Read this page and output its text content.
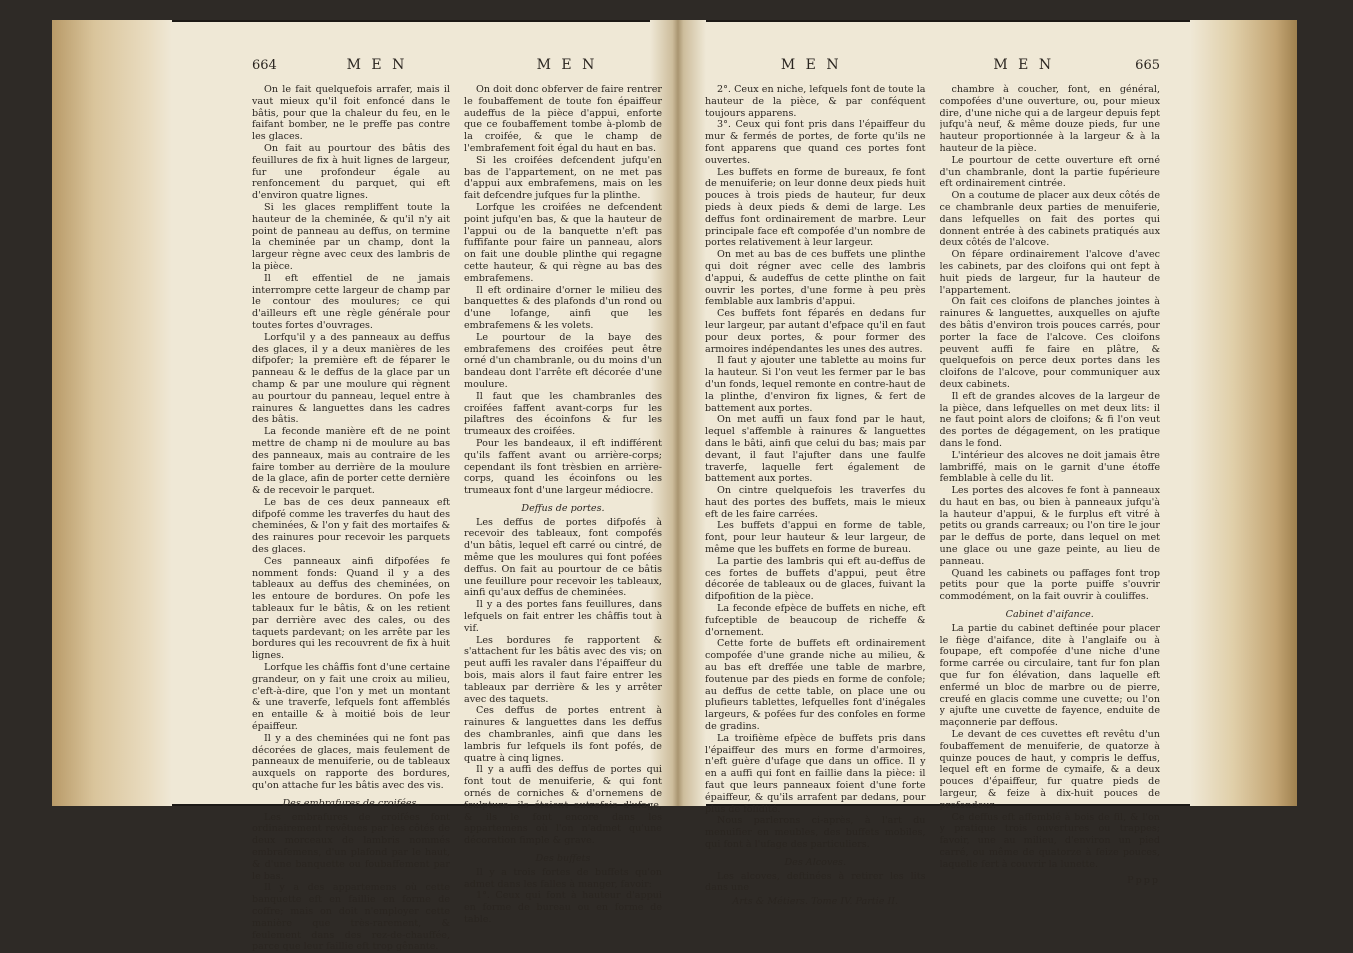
664	M E N	M E N

On le fait quelquefois arrafer, mais il vaut mieux qu'il foit enfoncé dans le bâtis, pour que la chaleur du feu, en le faifant bomber, ne le preffe pas contre les glaces.

On fait au pourtour des bâtis des feuillures de fix à huit lignes de largeur, fur une profondeur égale au renfoncement du parquet, qui eft d'environ quatre lignes.

Si les glaces rempliffent toute la hauteur de la cheminée, & qu'il n'y ait point de panneau au deffus, on termine la cheminée par un champ, dont la largeur règne avec ceux des lambris de la pièce.

Il eft effentiel de ne jamais interrompre cette largeur de champ par le contour des moulures; ce qui d'ailleurs eft une règle générale pour toutes fortes d'ouvrages.

Lorfqu'il y a des panneaux au deffus des glaces, il y a deux manières de les difpofer; la première eft de féparer le panneau & le deffus de la glace par un champ & par une moulure qui règnent au pourtour du panneau, lequel entre à rainures & languettes dans les cadres des bâtis.

La feconde manière eft de ne point mettre de champ ni de moulure au bas des panneaux, mais au contraire de les faire tomber au derrière de la moulure de la glace, afin de porter cette dernière & de recevoir le parquet.

Le bas de ces deux panneaux eft difpofé comme les traverfes du haut des cheminées, & l'on y fait des mortaifes & des rainures pour recevoir les parquets des glaces.

Ces panneaux ainfi difpofées fe nomment fonds: Quand il y a des tableaux au deffus des cheminées, on les entoure de bordures. On pofe les tableaux fur le bâtis, & on les retient par derrière avec des cales, ou des taquets pardevant; on les arrête par les bordures qui les recouvrent de fix à huit lignes.

Lorfque les châffis font d'une certaine grandeur, on y fait une croix au milieu, c'eft-à-dire, que l'on y met un montant & une traverfe, lefquels font affemblés en entaille & à moitié bois de leur épaiffeur.

Il y a des cheminées qui ne font pas décorées de glaces, mais feulement de panneaux de menuiferie, ou de tableaux auxquels on rapporte des bordures, qu'on attache fur les bâtis avec des vis.

Des embrafures de croifées.

Les embrafures de croifées font ordinairement revêtues par les côtés de deux morceaux de lambris nommés embrafemens, d'un plafond par le haut, & d'une banquette ou foubaffement par le bas.

Il y a des appartemens où cette banquette eft en faillie en forme de coffre; mais on doit n'employer cette manière que très-rarement, & feulement dans des rez-de-chauffée, parce que leur faillie eft trop gênante.

On doit donc obferver de faire rentrer le foubaffement de toute fon épaiffeur audeffus de la pièce d'appui, enforte que ce foubaffement tombe à-plomb de la croifée, & que le champ de l'embrafement foit égal du haut en bas.

Si les croifées defcendent jufqu'en bas de l'appartement, on ne met pas d'appui aux embrafemens, mais on les fait defcendre jufques fur la plinthe.

Lorfque les croifées ne defcendent point jufqu'en bas, & que la hauteur de l'appui ou de la banquette n'eft pas fuffifante pour faire un panneau, alors on fait une double plinthe qui regagne cette hauteur, & qui règne au bas des embrafemens.

Il eft ordinaire d'orner le milieu des banquettes & des plafonds d'un rond ou d'une lofange, ainfi que les embrafemens & les volets.

Le pourtour de la baye des embrafemens des croifées peut être orné d'un chambranle, ou du moins d'un bandeau dont l'arrête eft décorée d'une moulure.

Il faut que les chambranles des croifées faffent avant-corps fur les pilaftres des écoinfons & fur les trumeaux des croifées.

Pour les bandeaux, il eft indifférent qu'ils faffent avant ou arrière-corps; cependant ils font trèsbien en arrière-corps, quand les écoinfons ou les trumeaux font d'une largeur médiocre.

Deffus de portes.

Les deffus de portes difpofés à recevoir des tableaux, font compofés d'un bâtis, lequel eft carré ou cintré, de même que les moulures qui font pofées deffus. On fait au pourtour de ce bâtis une feuillure pour recevoir les tableaux, ainfi qu'aux deffus de cheminées.

Il y a des portes fans feuillures, dans lefquels on fait entrer les châffis tout à vif.

Les bordures fe rapportent & s'attachent fur les bâtis avec des vis; on peut auffi les ravaler dans l'épaiffeur du bois, mais alors il faut faire entrer les tableaux par derrière & les y arrêter avec des taquets.

Ces deffus de portes entrent à rainures & languettes dans les deffus des chambranles, ainfi que dans les lambris fur lefquels ils font pofés, de quatre à cinq lignes.

Il y a auffi des deffus de portes qui font tout de menuiferie, & qui font ornés de corniches & d'ornemens de fculpture: ils étoient autrefois d'ufage, & ils le font encore dans les appartemens où l'on n'admet qu'une décoration fimple & grave.

Des buffets

Il y a trois fortes de buffets qu'on admet dans les falles à manger, favoir:

1°. Ceux qui font à hauteur d'appui en forme de bureau ou en forme de table.

M E N	M E N	665

2°. Ceux en niche, lefquels font de toute la hauteur de la pièce, & par conféquent toujours apparens.

3°. Ceux qui font pris dans l'épaiffeur du mur & fermés de portes, de forte qu'ils ne font apparens que quand ces portes font ouvertes.

Les buffets en forme de bureaux, fe font de menuiferie; on leur donne deux pieds huit pouces à trois pieds de hauteur, fur deux pieds à deux pieds & demi de large. Les deffus font ordinairement de marbre. Leur principale face eft compofée d'un nombre de portes relativement à leur largeur.

On met au bas de ces buffets une plinthe qui doit régner avec celle des lambris d'appui, & audeffus de cette plinthe on fait ouvrir les portes, d'une forme à peu près femblable aux lambris d'appui.

Ces buffets font féparés en dedans fur leur largeur, par autant d'efpace qu'il en faut pour deux portes, & pour former des armoires indépendantes les unes des autres.

Il faut y ajouter une tablette au moins fur la hauteur. Si l'on veut les fermer par le bas d'un fonds, lequel remonte en contre-haut de la plinthe, d'environ fix lignes, & fert de battement aux portes.

On met auffi un faux fond par le haut, lequel s'affemble à rainures & languettes dans le bâti, ainfi que celui du bas; mais par devant, il faut l'ajufter dans une faulfe traverfe, laquelle fert également de battement aux portes.

On cintre quelquefois les traverfes du haut des portes des buffets, mais le mieux eft de les faire carrées.

Les buffets d'appui en forme de table, font, pour leur hauteur & leur largeur, de même que les buffets en forme de bureau.

La partie des lambris qui eft au-deffus de ces fortes de buffets d'appui, peut être décorée de tableaux ou de glaces, fuivant la difpofition de la pièce.

La feconde efpèce de buffets en niche, eft fufceptible de beaucoup de richeffe & d'ornement.

Cette forte de buffets eft ordinairement compofée d'une grande niche au milieu, & au bas eft dreffée une table de marbre, foutenue par des pieds en forme de confole; au deffus de cette table, on place une ou plufieurs tablettes, lefquelles font d'inégales largeurs, & pofées fur des confoles en forme de gradins.

La troifième efpèce de buffets pris dans l'épaiffeur des murs en forme d'armoires, n'eft guère d'ufage que dans un office. Il y en a auffi qui font en faillie dans la pièce: il faut que leurs panneaux foient d'une forte épaiffeur, & qu'ils arrafent par dedans, pour plus de folidité.

Nous parlerons ci-après, à l'art du menuifier en meubles, des buffets mobiles, qui font à l'ufage des particuliers.

Des Alcoves.

Les alcoves, deftinées à retirer les lits dans une

Arts & Métiers. Tome IV. Partie II.

chambre à coucher, font, en général, compofées d'une ouverture, ou, pour mieux dire, d'une niche qui a de largeur depuis fept jufqu'à neuf, & même douze pieds, fur une hauteur proportionnée à la largeur & à la hauteur de la pièce.

Le pourtour de cette ouverture eft orné d'un chambranle, dont la partie fupérieure eft ordinairement cintrée.

On a coutume de placer aux deux côtés de ce chambranle deux parties de menuiferie, dans lefquelles on fait des portes qui donnent entrée à des cabinets pratiqués aux deux côtés de l'alcove.

On fépare ordinairement l'alcove d'avec les cabinets, par des cloifons qui ont fept à huit pieds de largeur, fur la hauteur de l'appartement.

On fait ces cloifons de planches jointes à rainures & languettes, auxquelles on ajufte des bâtis d'environ trois pouces carrés, pour porter la face de l'alcove. Ces cloifons peuvent auffi fe faire en plâtre, & quelquefois on perce deux portes dans les cloifons de l'alcove, pour communiquer aux deux cabinets.

Il eft de grandes alcoves de la largeur de la pièce, dans lefquelles on met deux lits: il ne faut point alors de cloifons; & fi l'on veut des portes de dégagement, on les pratique dans le fond.

L'intérieur des alcoves ne doit jamais être lambriffé, mais on le garnit d'une étoffe femblable à celle du lit.

Les portes des alcoves fe font à panneaux du haut en bas, ou bien à panneaux jufqu'à la hauteur d'appui, & le furplus eft vitré à petits ou grands carreaux; ou l'on tire le jour par le deffus de porte, dans lequel on met une glace ou une gaze peinte, au lieu de panneau.

Quand les cabinets ou paffages font trop petits pour que la porte puiffe s'ouvrir commodément, on la fait ouvrir à couliffes.

Cabinet d'aifance.

La partie du cabinet deftinée pour placer le fiège d'aifance, dite à l'anglaife ou à foupape, eft compofée d'une niche d'une forme carrée ou circulaire, tant fur fon plan que fur fon élévation, dans laquelle eft enfermé un bloc de marbre ou de pierre, creufé en glacis comme une cuvette; ou l'on y ajufte une cuvette de fayence, enduite de maçonnerie par deffous.

Le devant de ces cuvettes eft revêtu d'un foubaffement de menuiferie, de quatorze à quinze pouces de haut, y compris le deffus, lequel eft en forme de cymaife, & a deux pouces d'épaiffeur, fur quatre pieds de largeur, & feize à dix-huit pouces de profondeur.

Ce deffus eft affemblé à bois de fil, & l'on y pratique trois ouvertures ou trappes; favoir, une au milieu, d'environ un pied carré, ou même de quatorze à feize pouces, laquelle fert à couvrir la lunette.

Pppp
